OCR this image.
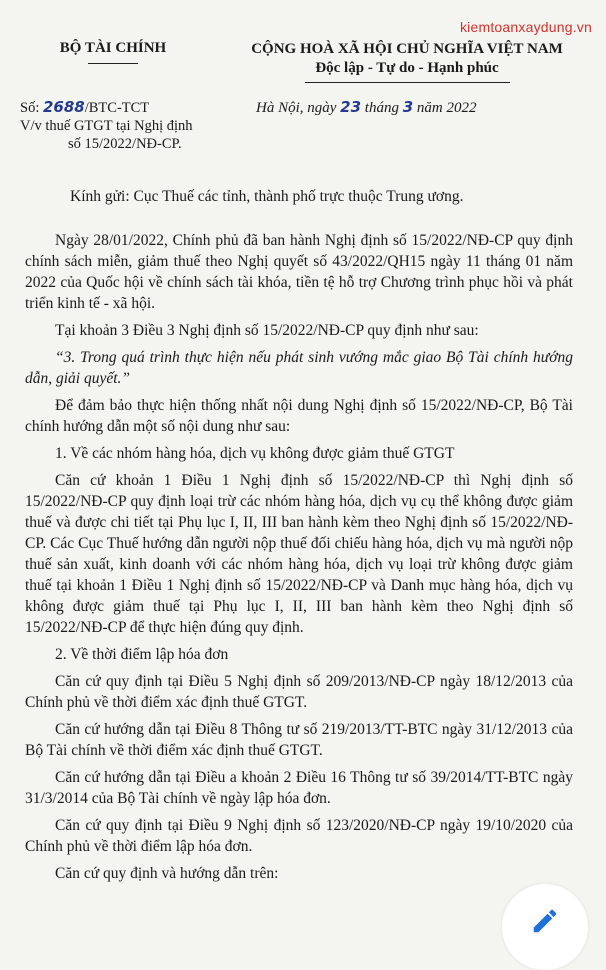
kiemtoanxaydung.vn
BỘ TÀI CHÍNH	CỘNG HOÀ XÃ HỘI CHỦ NGHĨA VIỆT NAM
Độc lập - Tự do - Hạnh phúc
Số: 2688/BTC-TCT
V/v thuế GTGT tại Nghị định
số 15/2022/NĐ-CP.
Hà Nội, ngày 23 tháng 3 năm 2022
Kính gửi: Cục Thuế các tỉnh, thành phố trực thuộc Trung ương.

Ngày 28/01/2022, Chính phủ đã ban hành Nghị định số 15/2022/NĐ-CP quy định chính sách miễn, giảm thuế theo Nghị quyết số 43/2022/QH15 ngày 11 tháng 01 năm 2022 của Quốc hội về chính sách tài khóa, tiền tệ hỗ trợ Chương trình phục hồi và phát triển kinh tế - xã hội.

Tại khoản 3 Điều 3 Nghị định số 15/2022/NĐ-CP quy định như sau:

“3. Trong quá trình thực hiện nếu phát sinh vướng mắc giao Bộ Tài chính hướng dẫn, giải quyết.”

Để đảm bảo thực hiện thống nhất nội dung Nghị định số 15/2022/NĐ-CP, Bộ Tài chính hướng dẫn một số nội dung như sau:

1. Về các nhóm hàng hóa, dịch vụ không được giảm thuế GTGT

Căn cứ khoản 1 Điều 1 Nghị định số 15/2022/NĐ-CP thì Nghị định số 15/2022/NĐ-CP quy định loại trừ các nhóm hàng hóa, dịch vụ cụ thể không được giảm thuế và được chi tiết tại Phụ lục I, II, III ban hành kèm theo Nghị định số 15/2022/NĐ-CP. Các Cục Thuế hướng dẫn người nộp thuế đối chiếu hàng hóa, dịch vụ mà người nộp thuế sản xuất, kinh doanh với các nhóm hàng hóa, dịch vụ loại trừ không được giảm thuế tại khoản 1 Điều 1 Nghị định số 15/2022/NĐ-CP và Danh mục hàng hóa, dịch vụ không được giảm thuế tại Phụ lục I, II, III ban hành kèm theo Nghị định số 15/2022/NĐ-CP để thực hiện đúng quy định.

2. Về thời điểm lập hóa đơn

Căn cứ quy định tại Điều 5 Nghị định số 209/2013/NĐ-CP ngày 18/12/2013 của Chính phủ về thời điểm xác định thuế GTGT.

Căn cứ hướng dẫn tại Điều 8 Thông tư số 219/2013/TT-BTC ngày 31/12/2013 của Bộ Tài chính về thời điểm xác định thuế GTGT.

Căn cứ hướng dẫn tại Điều a khoản 2 Điều 16 Thông tư số 39/2014/TT-BTC ngày 31/3/2014 của Bộ Tài chính về ngày lập hóa đơn.

Căn cứ quy định tại Điều 9 Nghị định số 123/2020/NĐ-CP ngày 19/10/2020 của Chính phủ về thời điểm lập hóa đơn.

Căn cứ quy định và hướng dẫn trên:
